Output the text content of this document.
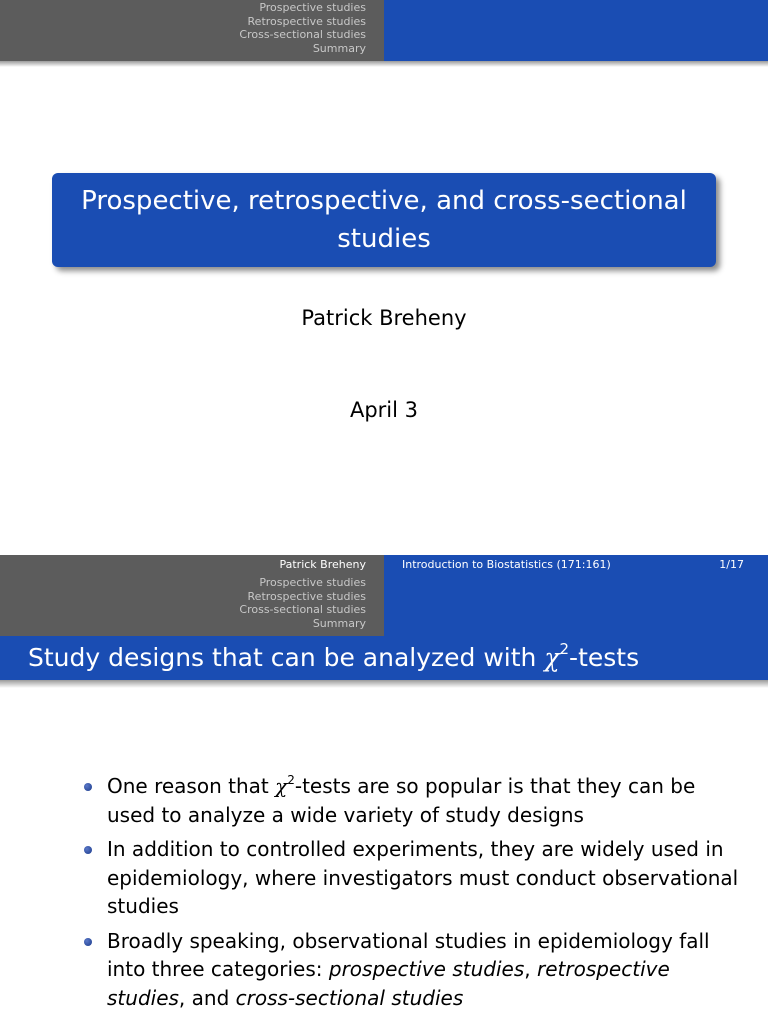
Prospective studies
Retrospective studies
Cross-sectional studies
Summary
Prospective, retrospective, and cross-sectional
studies
Patrick Breheny
April 3
Patrick Breheny	Introduction to Biostatistics (171:161)	1/17
Prospective studies
Retrospective studies
Cross-sectional studies
Summary
Study designs that can be analyzed with $\chi^2$-tests
One reason that $\chi^2$-tests are so popular is that they can be used to analyze a wide variety of study designs
In addition to controlled experiments, they are widely used in epidemiology, where investigators must conduct observational studies
Broadly speaking, observational studies in epidemiology fall into three categories: prospective studies, retrospective studies, and cross-sectional studies
